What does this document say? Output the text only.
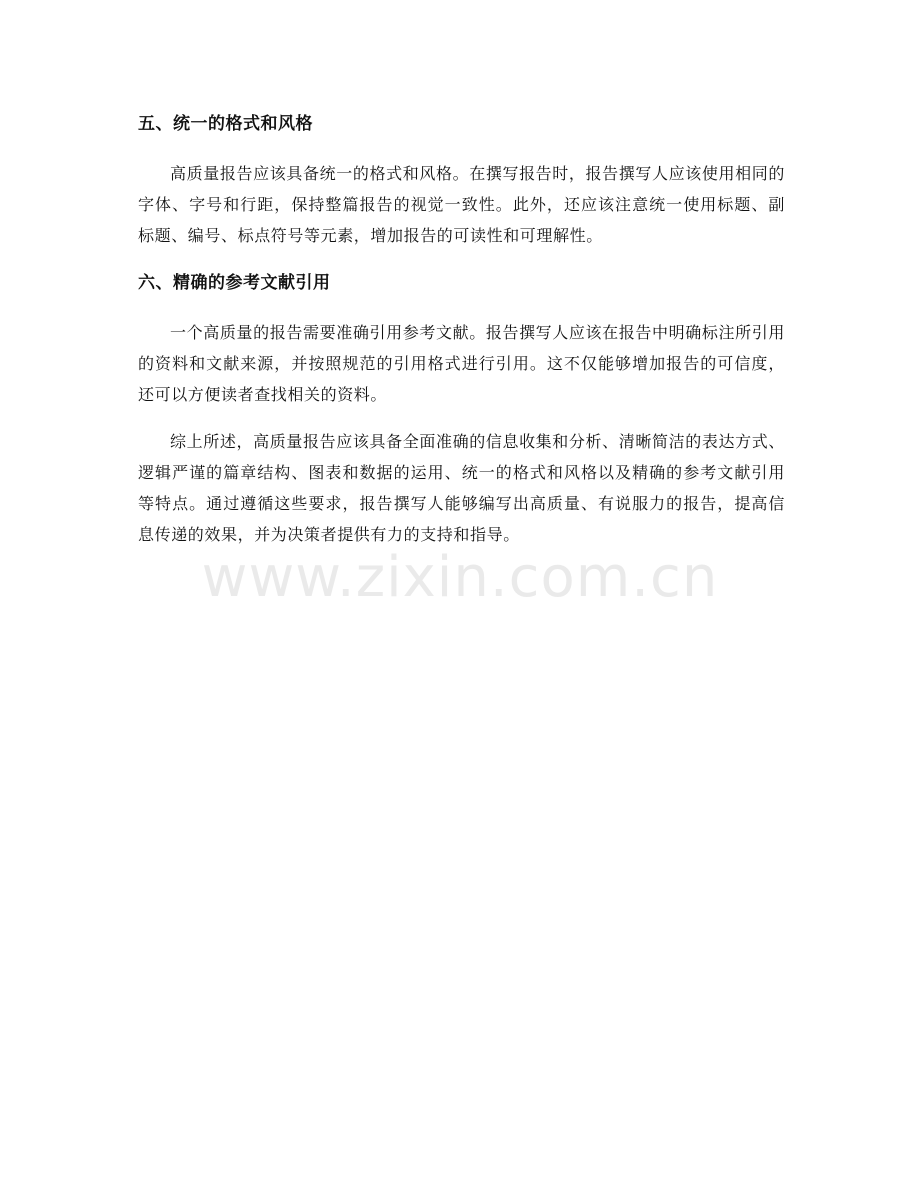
五、统一的格式和风格

高质量报告应该具备统一的格式和风格。在撰写报告时，报告撰写人应该使用相同的字体、字号和行距，保持整篇报告的视觉一致性。此外，还应该注意统一使用标题、副标题、编号、标点符号等元素，增加报告的可读性和可理解性。

六、精确的参考文献引用

一个高质量的报告需要准确引用参考文献。报告撰写人应该在报告中明确标注所引用的资料和文献来源，并按照规范的引用格式进行引用。这不仅能够增加报告的可信度，还可以方便读者查找相关的资料。

综上所述，高质量报告应该具备全面准确的信息收集和分析、清晰简洁的表达方式、逻辑严谨的篇章结构、图表和数据的运用、统一的格式和风格以及精确的参考文献引用等特点。通过遵循这些要求，报告撰写人能够编写出高质量、有说服力的报告，提高信息传递的效果，并为决策者提供有力的支持和指导。

www.zixin.com.cn
